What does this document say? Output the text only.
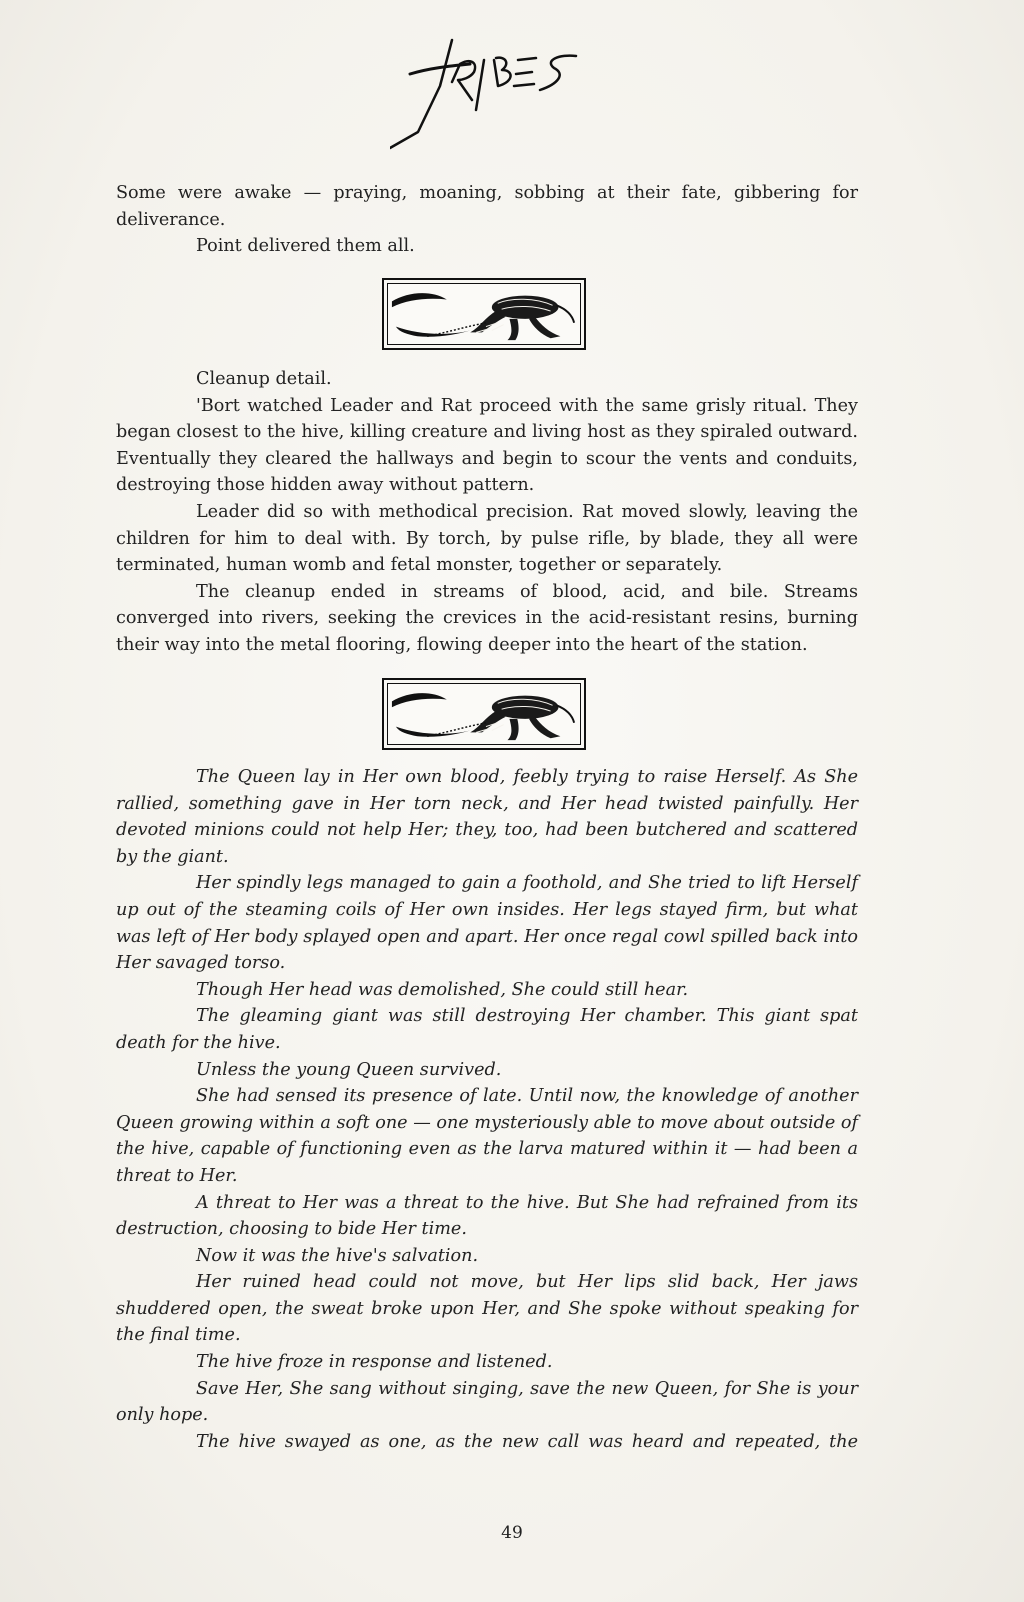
Some were awake — praying, moaning, sobbing at their fate, gibbering for deliverance.

Point delivered them all.

Cleanup detail.

'Bort watched Leader and Rat proceed with the same grisly ritual. They began closest to the hive, killing creature and living host as they spiraled outward. Eventually they cleared the hallways and begin to scour the vents and conduits, destroying those hidden away without pattern.

Leader did so with methodical precision. Rat moved slowly, leaving the children for him to deal with. By torch, by pulse rifle, by blade, they all were terminated, human womb and fetal monster, together or separately.

The cleanup ended in streams of blood, acid, and bile. Streams converged into rivers, seeking the crevices in the acid-resistant resins, burning their way into the metal flooring, flowing deeper into the heart of the station.

The Queen lay in Her own blood, feebly trying to raise Herself. As She rallied, something gave in Her torn neck, and Her head twisted painfully. Her devoted minions could not help Her; they, too, had been butchered and scattered by the giant.

Her spindly legs managed to gain a foothold, and She tried to lift Herself up out of the steaming coils of Her own insides. Her legs stayed firm, but what was left of Her body splayed open and apart. Her once regal cowl spilled back into Her savaged torso.

Though Her head was demolished, She could still hear.

The gleaming giant was still destroying Her chamber. This giant spat death for the hive.

Unless the young Queen survived.

She had sensed its presence of late. Until now, the knowledge of another Queen growing within a soft one — one mysteriously able to move about outside of the hive, capable of functioning even as the larva matured within it — had been a threat to Her.

A threat to Her was a threat to the hive. But She had refrained from its destruction, choosing to bide Her time.

Now it was the hive's salvation.

Her ruined head could not move, but Her lips slid back, Her jaws shuddered open, the sweat broke upon Her, and She spoke without speaking for the final time.

The hive froze in response and listened.

Save Her, She sang without singing, save the new Queen, for She is your only hope.

The hive swayed as one, as the new call was heard and repeated, the

49
